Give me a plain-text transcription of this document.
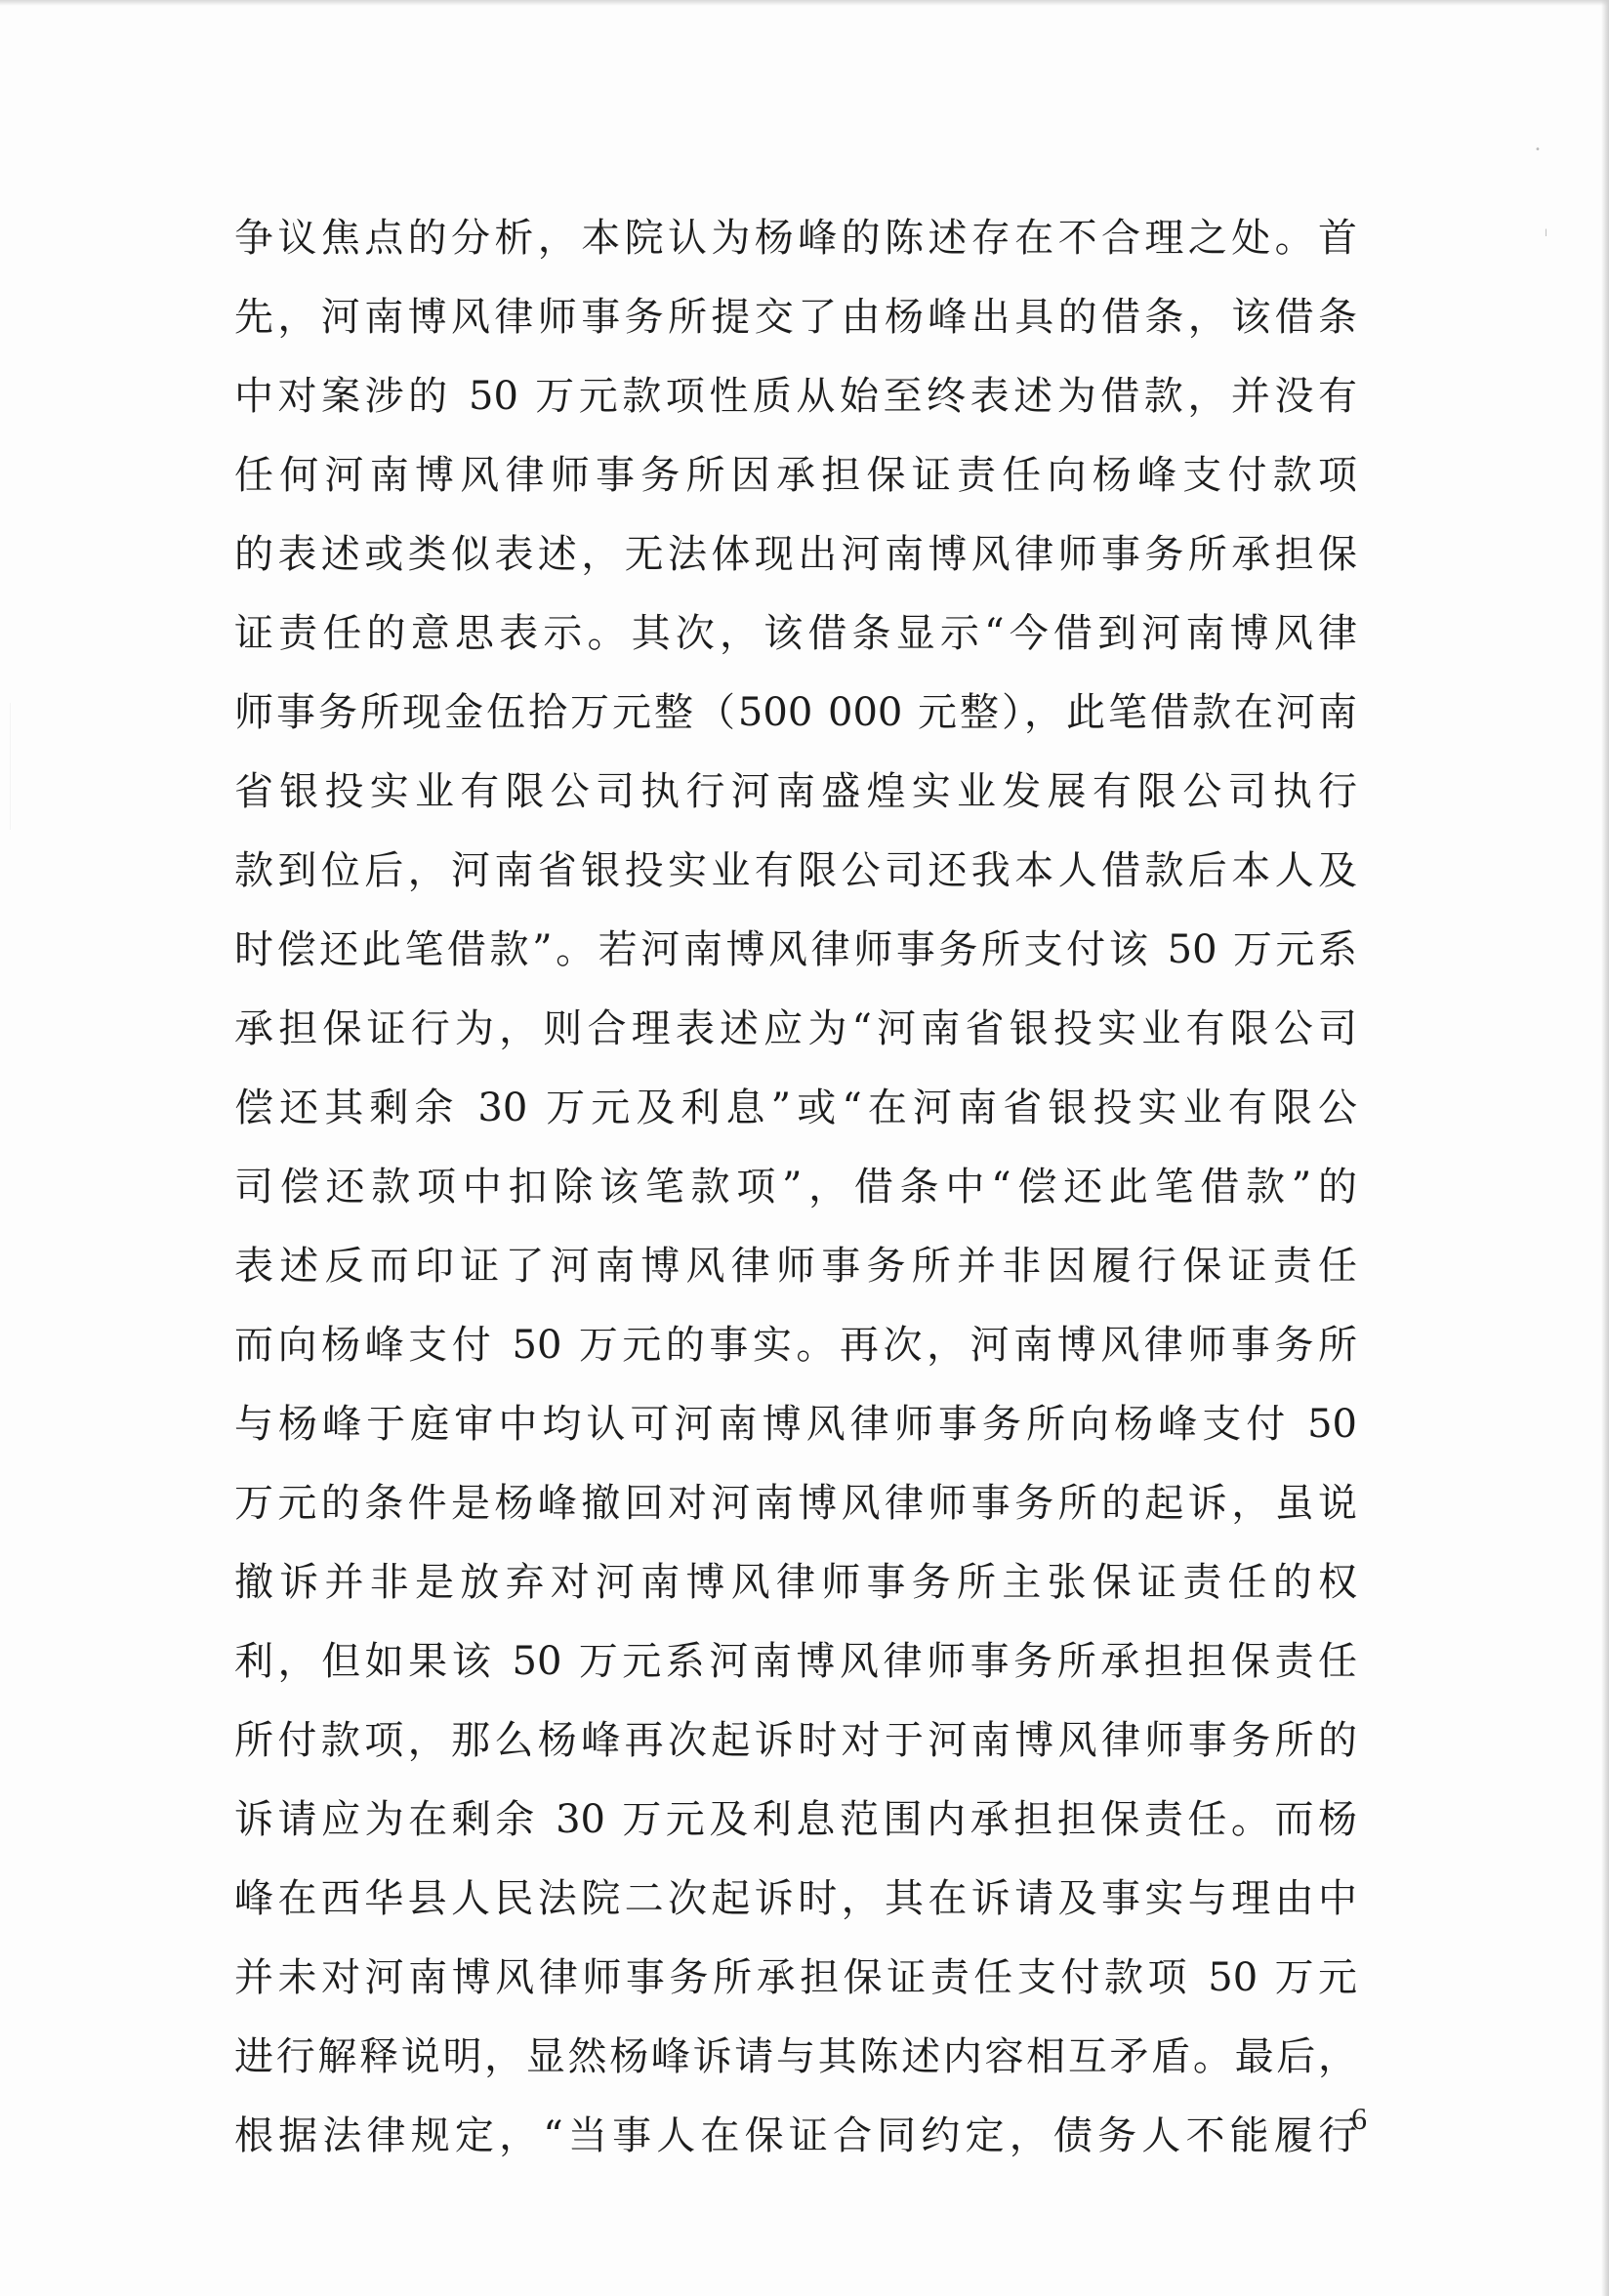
•
ⅼ
争议焦点的分析，本院认为杨峰的陈述存在不合理之处。首
先，河南博风律师事务所提交了由杨峰出具的借条，该借条
中对案涉的 50 万元款项性质从始至终表述为借款，并没有
任何河南博风律师事务所因承担保证责任向杨峰支付款项
的表述或类似表述，无法体现出河南博风律师事务所承担保
证责任的意思表示。其次，该借条显示“今借到河南博风律
师事务所现金伍拾万元整（500 000 元整），此笔借款在河南
省银投实业有限公司执行河南盛煌实业发展有限公司执行
款到位后，河南省银投实业有限公司还我本人借款后本人及
时偿还此笔借款”。若河南博风律师事务所支付该 50 万元系
承担保证行为，则合理表述应为“河南省银投实业有限公司
偿还其剩余 30 万元及利息”或“在河南省银投实业有限公
司偿还款项中扣除该笔款项”，借条中“偿还此笔借款”的
表述反而印证了河南博风律师事务所并非因履行保证责任
而向杨峰支付 50 万元的事实。再次，河南博风律师事务所
与杨峰于庭审中均认可河南博风律师事务所向杨峰支付 50
万元的条件是杨峰撤回对河南博风律师事务所的起诉，虽说
撤诉并非是放弃对河南博风律师事务所主张保证责任的权
利，但如果该 50 万元系河南博风律师事务所承担担保责任
所付款项，那么杨峰再次起诉时对于河南博风律师事务所的
诉请应为在剩余 30 万元及利息范围内承担担保责任。而杨
峰在西华县人民法院二次起诉时，其在诉请及事实与理由中
并未对河南博风律师事务所承担保证责任支付款项 50 万元
进行解释说明，显然杨峰诉请与其陈述内容相互矛盾。最后，
根据法律规定，“当事人在保证合同约定，债务人不能履行
6
